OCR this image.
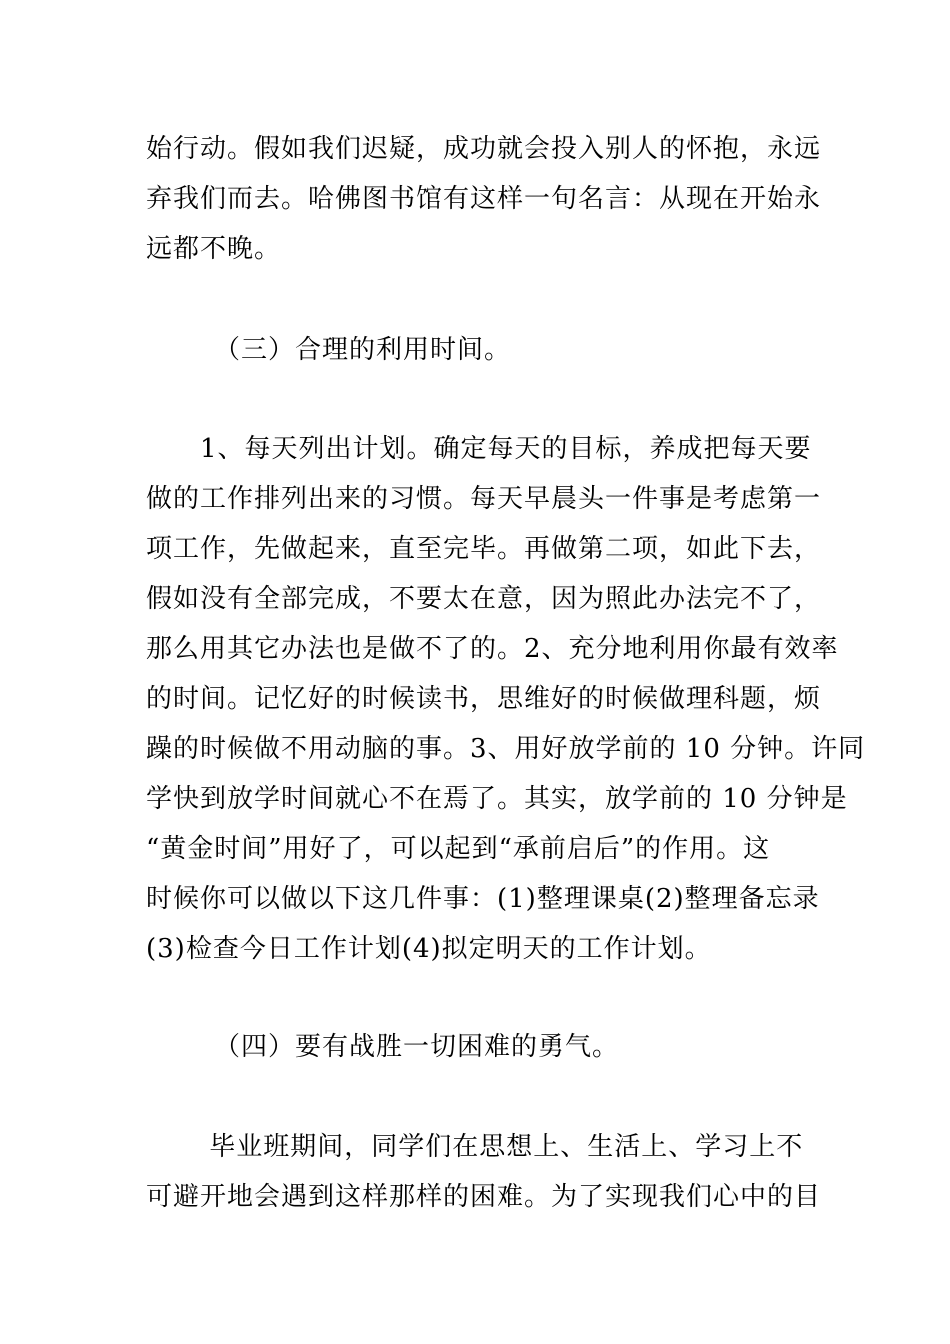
始行动。假如我们迟疑，成功就会投入别人的怀抱，永远
弃我们而去。哈佛图书馆有这样一句名言：从现在开始永
远都不晚。
（三）合理的利用时间。
　　1、每天列出计划。确定每天的目标，养成把每天要
做的工作排列出来的习惯。每天早晨头一件事是考虑第一
项工作，先做起来，直至完毕。再做第二项，如此下去，
假如没有全部完成，不要太在意，因为照此办法完不了，
那么用其它办法也是做不了的。2、充分地利用你最有效率
的时间。记忆好的时候读书，思维好的时候做理科题，烦
躁的时候做不用动脑的事。3、用好放学前的 10 分钟。许同
学快到放学时间就心不在焉了。其实，放学前的 10 分钟是
“黄金时间”用好了，可以起到“承前启后”的作用。这
时候你可以做以下这几件事：(1)整理课桌(2)整理备忘录
(3)检查今日工作计划(4)拟定明天的工作计划。
（四）要有战胜一切困难的勇气。
　　 毕业班期间，同学们在思想上、生活上、学习上不
可避开地会遇到这样那样的困难。为了实现我们心中的目
